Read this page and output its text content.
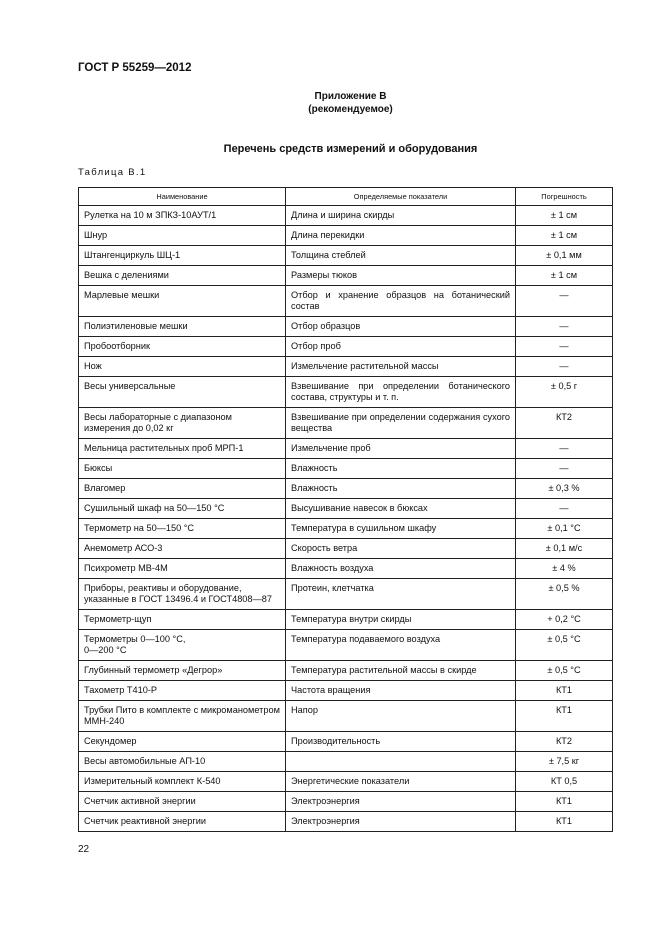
ГОСТ Р 55259—2012
Приложение В
(рекомендуемое)
Перечень средств измерений и оборудования
Таблица В.1
Наименование	Определяемые показатели	Погрешность
Рулетка на 10 м ЗПКЗ-10АУТ/1	Длина и ширина скирды	± 1 см
Шнур	Длина перекидки	± 1 см
Штангенциркуль ШЦ-1	Толщина стеблей	± 0,1 мм
Вешка с делениями	Размеры тюков	± 1 см
Марлевые мешки	Отбор и хранение образцов на ботанический состав	—
Полиэтиленовые мешки	Отбор образцов	—
Пробоотборник	Отбор проб	—
Нож	Измельчение растительной массы	—
Весы универсальные	Взвешивание при определении ботанического состава, структуры и т. п.	± 0,5 г
Весы лабораторные с диапазоном измерения до 0,02 кг	Взвешивание при определении содержания сухого вещества	КТ2
Мельница растительных проб МРП-1	Измельчение проб	—
Бюксы	Влажность	—
Влагомер	Влажность	± 0,3 %
Сушильный шкаф на 50—150 °С	Высушивание навесок в бюксах	—
Термометр на 50—150 °С	Температура в сушильном шкафу	± 0,1 °С
Анемометр АСО-3	Скорость ветра	± 0,1 м/с
Психрометр МВ-4М	Влажность воздуха	± 4 %
Приборы, реактивы и оборудование, указанные в ГОСТ 13496.4 и ГОСТ4808—87	Протеин, клетчатка	± 0,5 %
Термометр-щуп	Температура внутри скирды	+ 0,2 °С
Термометры 0—100 °С,
0—200 °С	Температура подаваемого воздуха	± 0,5 °С
Глубинный термометр «Дегрор»	Температура растительной массы в скирде	± 0,5 °С
Тахометр Т410-Р	Частота вращения	КТ1
Трубки Пито в комплекте с микроманометром ММН-240	Напор	КТ1
Секундомер	Производительность	КТ2
Весы автомобильные АП-10		± 7,5 кг
Измерительный комплект К-540	Энергетические показатели	КТ 0,5
Счетчик активной энергии	Электроэнергия	КТ1
Счетчик реактивной энергии	Электроэнергия	КТ1
22
